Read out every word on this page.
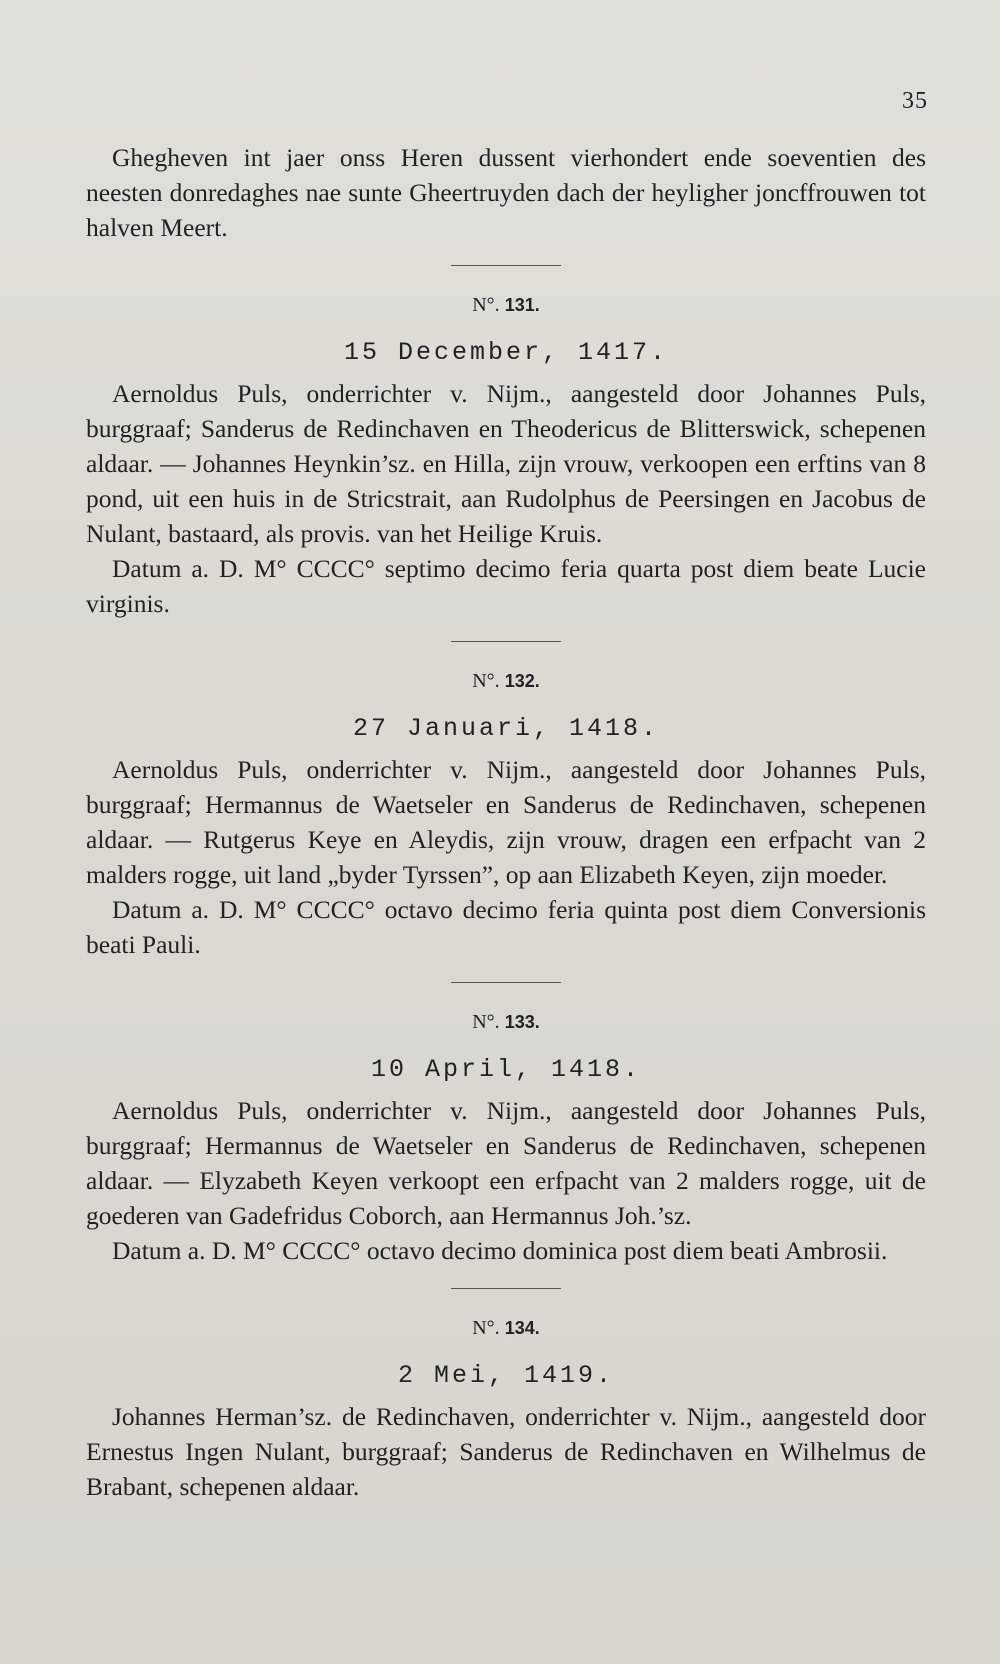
35

Ghegheven int jaer onss Heren dussent vierhondert ende soeventien des neesten donredaghes nae sunte Gheertruyden dach der heyligher joncffrouwen tot halven Meert.

N°. 131.
15 December, 1417.

Aernoldus Puls, onderrichter v. Nijm., aangesteld door Johannes Puls, burggraaf; Sanderus de Redinchaven en Theodericus de Blitterswick, schepenen aldaar. — Johannes Heynkin’sz. en Hilla, zijn vrouw, verkoopen een erftins van 8 pond, uit een huis in de Stricstrait, aan Rudolphus de Peersingen en Jacobus de Nulant, bastaard, als provis. van het Heilige Kruis.

Datum a. D. M° CCCC° septimo decimo feria quarta post diem beate Lucie virginis.

N°. 132.
27 Januari, 1418.

Aernoldus Puls, onderrichter v. Nijm., aangesteld door Johannes Puls, burggraaf; Hermannus de Waetseler en Sanderus de Redinchaven, schepenen aldaar. — Rutgerus Keye en Aleydis, zijn vrouw, dragen een erfpacht van 2 malders rogge, uit land „byder Tyrssen”, op aan Elizabeth Keyen, zijn moeder.

Datum a. D. M° CCCC° octavo decimo feria quinta post diem Conversionis beati Pauli.

N°. 133.
10 April, 1418.

Aernoldus Puls, onderrichter v. Nijm., aangesteld door Johannes Puls, burggraaf; Hermannus de Waetseler en Sanderus de Redinchaven, schepenen aldaar. — Elyzabeth Keyen verkoopt een erfpacht van 2 malders rogge, uit de goederen van Gadefridus Coborch, aan Hermannus Joh.’sz.

Datum a. D. M° CCCC° octavo decimo dominica post diem beati Ambrosii.

N°. 134.
2 Mei, 1419.

Johannes Herman’sz. de Redinchaven, onderrichter v. Nijm., aangesteld door Ernestus Ingen Nulant, burggraaf; Sanderus de Redinchaven en Wilhelmus de Brabant, schepenen aldaar.
